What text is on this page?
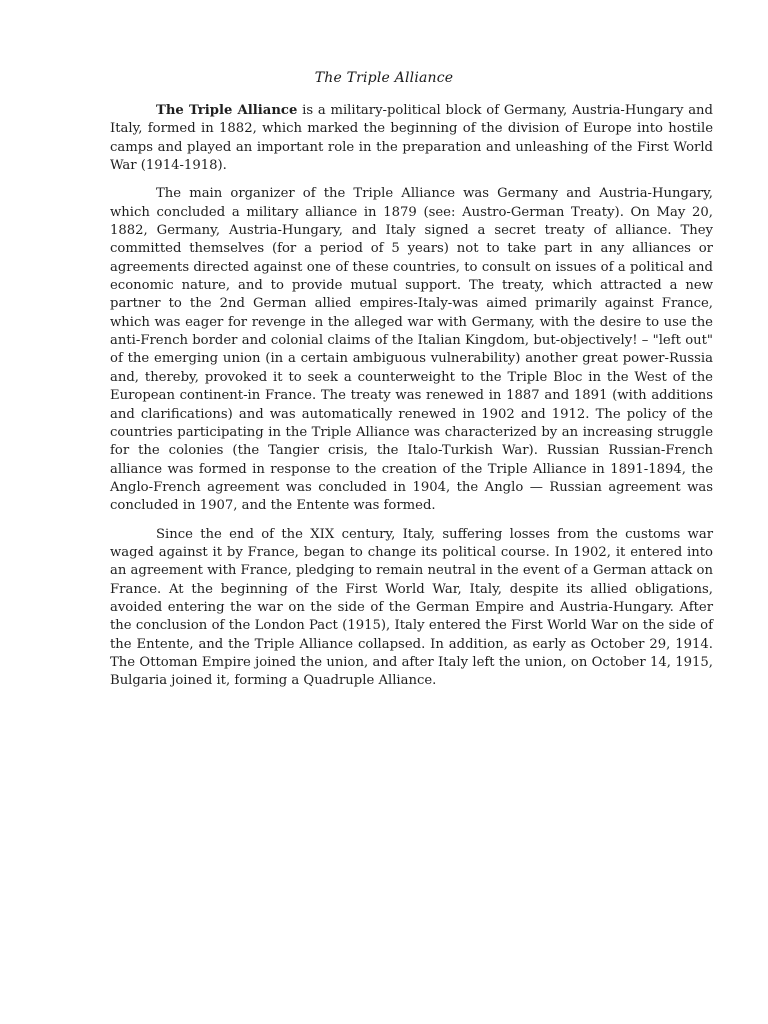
The Triple Alliance

The Triple Alliance is a military-political block of Germany, Austria-Hungary and Italy, formed in 1882, which marked the beginning of the division of Europe into hostile camps and played an important role in the preparation and unleashing of the First World War (1914-1918).

The main organizer of the Triple Alliance was Germany and Austria-Hungary, which concluded a military alliance in 1879 (see: Austro-German Treaty). On May 20, 1882, Germany, Austria-Hungary, and Italy signed a secret treaty of alliance. They committed themselves (for a period of 5 years) not to take part in any alliances or agreements directed against one of these countries, to consult on issues of a political and economic nature, and to provide mutual support. The treaty, which attracted a new partner to the 2nd German allied empires-Italy-was aimed primarily against France, which was eager for revenge in the alleged war with Germany, with the desire to use the anti-French border and colonial claims of the Italian Kingdom, but-objectively! – "left out" of the emerging union (in a certain ambiguous vulnerability) another great power-Russia and, thereby, provoked it to seek a counterweight to the Triple Bloc in the West of the European continent-in France. The treaty was renewed in 1887 and 1891 (with additions and clarifications) and was automatically renewed in 1902 and 1912. The policy of the countries participating in the Triple Alliance was characterized by an increasing struggle for the colonies (the Tangier crisis, the Italo-Turkish War). Russian Russian-French alliance was formed in response to the creation of the Triple Alliance in 1891-1894, the Anglo-French agreement was concluded in 1904, the Anglo — Russian agreement was concluded in 1907, and the Entente was formed.

Since the end of the XIX century, Italy, suffering losses from the customs war waged against it by France, began to change its political course. In 1902, it entered into an agreement with France, pledging to remain neutral in the event of a German attack on France. At the beginning of the First World War, Italy, despite its allied obligations, avoided entering the war on the side of the German Empire and Austria-Hungary. After the conclusion of the London Pact (1915), Italy entered the First World War on the side of the Entente, and the Triple Alliance collapsed. In addition, as early as October 29, 1914. The Ottoman Empire joined the union, and after Italy left the union, on October 14, 1915, Bulgaria joined it, forming a Quadruple Alliance.
